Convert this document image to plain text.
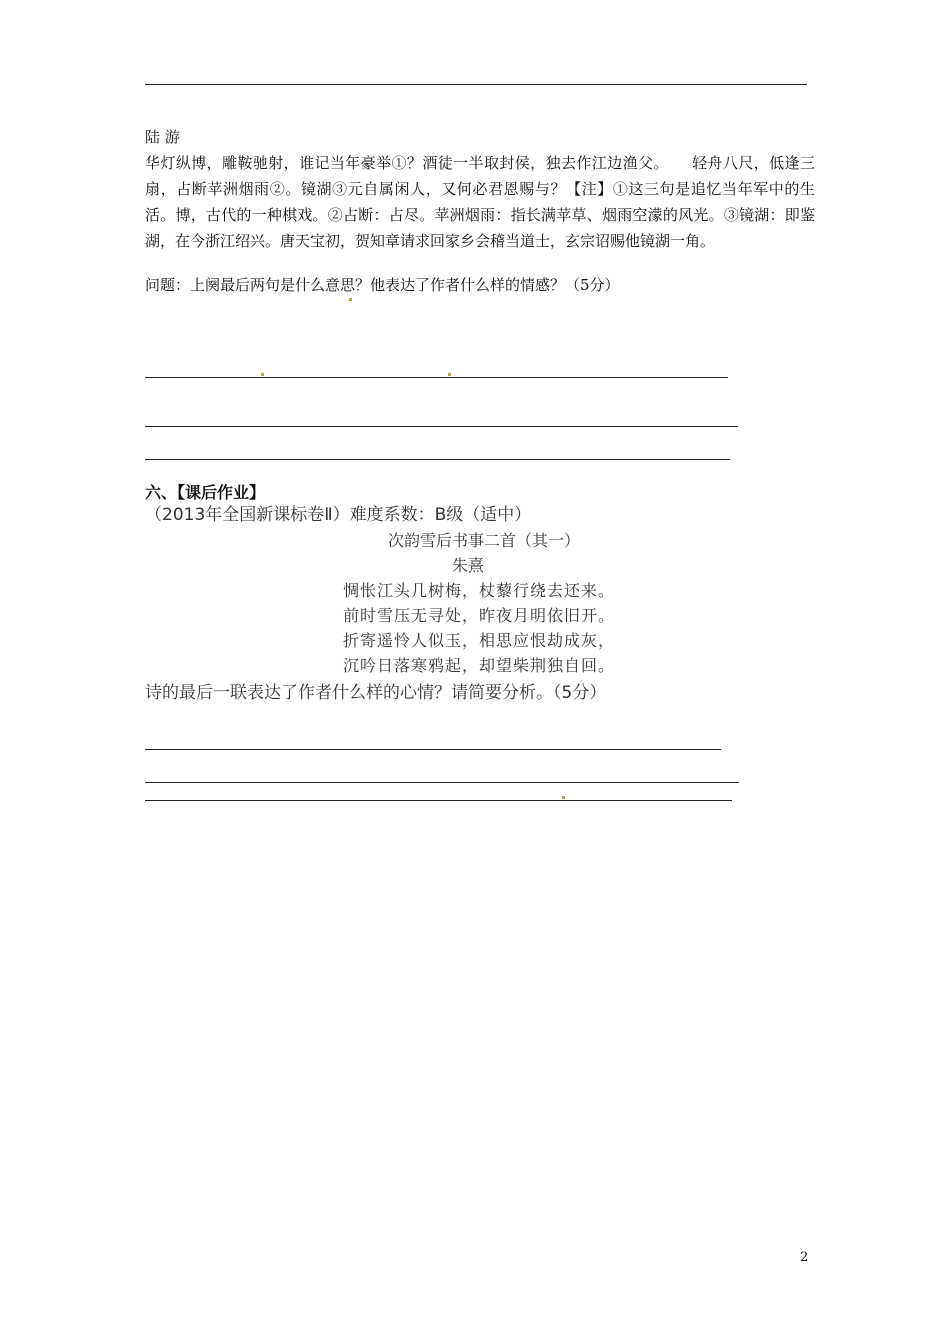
陆 游
华灯纵博，雕鞍驰射，谁记当年豪举①？酒徒一半取封侯，独去作江边渔父。　　轻舟八尺，低逢三扇，占断苹洲烟雨②。镜湖③元自属闲人，又何必君恩赐与？【注】①这三句是追忆当年军中的生活。博，古代的一种棋戏。②占断：占尽。苹洲烟雨：指长满苹草、烟雨空濛的风光。③镜湖：即鉴湖，在今浙江绍兴。唐天宝初，贺知章请求回家乡会稽当道士，玄宗诏赐他镜湖一角。
问题：上阕最后两句是什么意思？他表达了作者什么样的情感？（5分）
六、【课后作业】
（2013年全国新课标卷Ⅱ）难度系数：B级（适中）
次韵雪后书事二首（其一）
朱熹
惆怅江头几树梅，杖藜行绕去还来。
前时雪压无寻处，昨夜月明依旧开。
折寄遥怜人似玉，相思应恨劫成灰，
沉吟日落寒鸦起，却望柴荆独自回。
诗的最后一联表达了作者什么样的心情？请简要分析。（5分）
2
